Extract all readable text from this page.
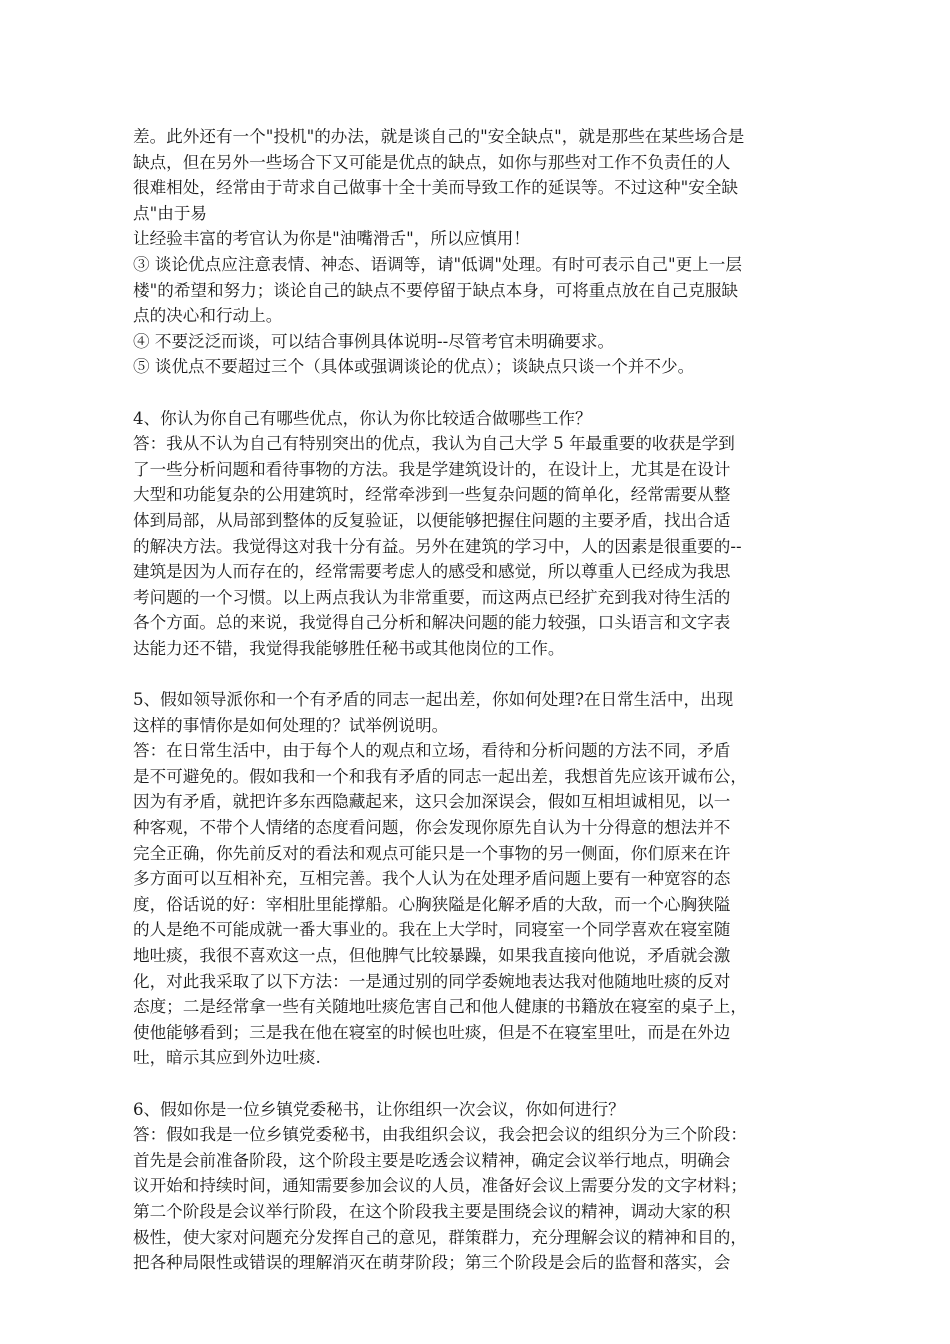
差。此外还有一个"投机"的办法，就是谈自己的"安全缺点"，就是那些在某些场合是
缺点，但在另外一些场合下又可能是优点的缺点，如你与那些对工作不负责任的人
很难相处，经常由于苛求自己做事十全十美而导致工作的延误等。不过这种"安全缺
点"由于易
让经验丰富的考官认为你是"油嘴滑舌"，所以应慎用！
③ 谈论优点应注意表情、神态、语调等，请"低调"处理。有时可表示自己"更上一层
楼"的希望和努力；谈论自己的缺点不要停留于缺点本身，可将重点放在自己克服缺
点的决心和行动上。
④ 不要泛泛而谈，可以结合事例具体说明--尽管考官未明确要求。
⑤ 谈优点不要超过三个（具体或强调谈论的优点）；谈缺点只谈一个并不少。
4、你认为你自己有哪些优点，你认为你比较适合做哪些工作？
答：我从不认为自己有特别突出的优点，我认为自己大学 5 年最重要的收获是学到
了一些分析问题和看待事物的方法。我是学建筑设计的，在设计上，尤其是在设计
大型和功能复杂的公用建筑时，经常牵涉到一些复杂问题的简单化，经常需要从整
体到局部，从局部到整体的反复验证，以便能够把握住问题的主要矛盾，找出合适
的解决方法。我觉得这对我十分有益。另外在建筑的学习中，人的因素是很重要的--
建筑是因为人而存在的，经常需要考虑人的感受和感觉，所以尊重人已经成为我思
考问题的一个习惯。以上两点我认为非常重要，而这两点已经扩充到我对待生活的
各个方面。总的来说，我觉得自己分析和解决问题的能力较强，口头语言和文字表
达能力还不错，我觉得我能够胜任秘书或其他岗位的工作。
5、假如领导派你和一个有矛盾的同志一起出差，你如何处理?在日常生活中，出现
这样的事情你是如何处理的？试举例说明。
答：在日常生活中，由于每个人的观点和立场，看待和分析问题的方法不同，矛盾
是不可避免的。假如我和一个和我有矛盾的同志一起出差，我想首先应该开诚布公，
因为有矛盾，就把许多东西隐藏起来，这只会加深误会，假如互相坦诚相见，以一
种客观，不带个人情绪的态度看问题，你会发现你原先自认为十分得意的想法并不
完全正确，你先前反对的看法和观点可能只是一个事物的另一侧面，你们原来在许
多方面可以互相补充，互相完善。我个人认为在处理矛盾问题上要有一种宽容的态
度，俗话说的好：宰相肚里能撑船。心胸狭隘是化解矛盾的大敌，而一个心胸狭隘
的人是绝不可能成就一番大事业的。我在上大学时，同寝室一个同学喜欢在寝室随
地吐痰，我很不喜欢这一点，但他脾气比较暴躁，如果我直接向他说，矛盾就会激
化，对此我采取了以下方法：一是通过别的同学委婉地表达我对他随地吐痰的反对
态度；二是经常拿一些有关随地吐痰危害自己和他人健康的书籍放在寝室的桌子上，
使他能够看到；三是我在他在寝室的时候也吐痰，但是不在寝室里吐，而是在外边
吐，暗示其应到外边吐痰.
6、假如你是一位乡镇党委秘书，让你组织一次会议，你如何进行？
答：假如我是一位乡镇党委秘书，由我组织会议，我会把会议的组织分为三个阶段：
首先是会前准备阶段，这个阶段主要是吃透会议精神，确定会议举行地点，明确会
议开始和持续时间，通知需要参加会议的人员，准备好会议上需要分发的文字材料；
第二个阶段是会议举行阶段，在这个阶段我主要是围绕会议的精神，调动大家的积
极性，使大家对问题充分发挥自己的意见，群策群力，充分理解会议的精神和目的，
把各种局限性或错误的理解消灭在萌芽阶段；第三个阶段是会后的监督和落实，会
